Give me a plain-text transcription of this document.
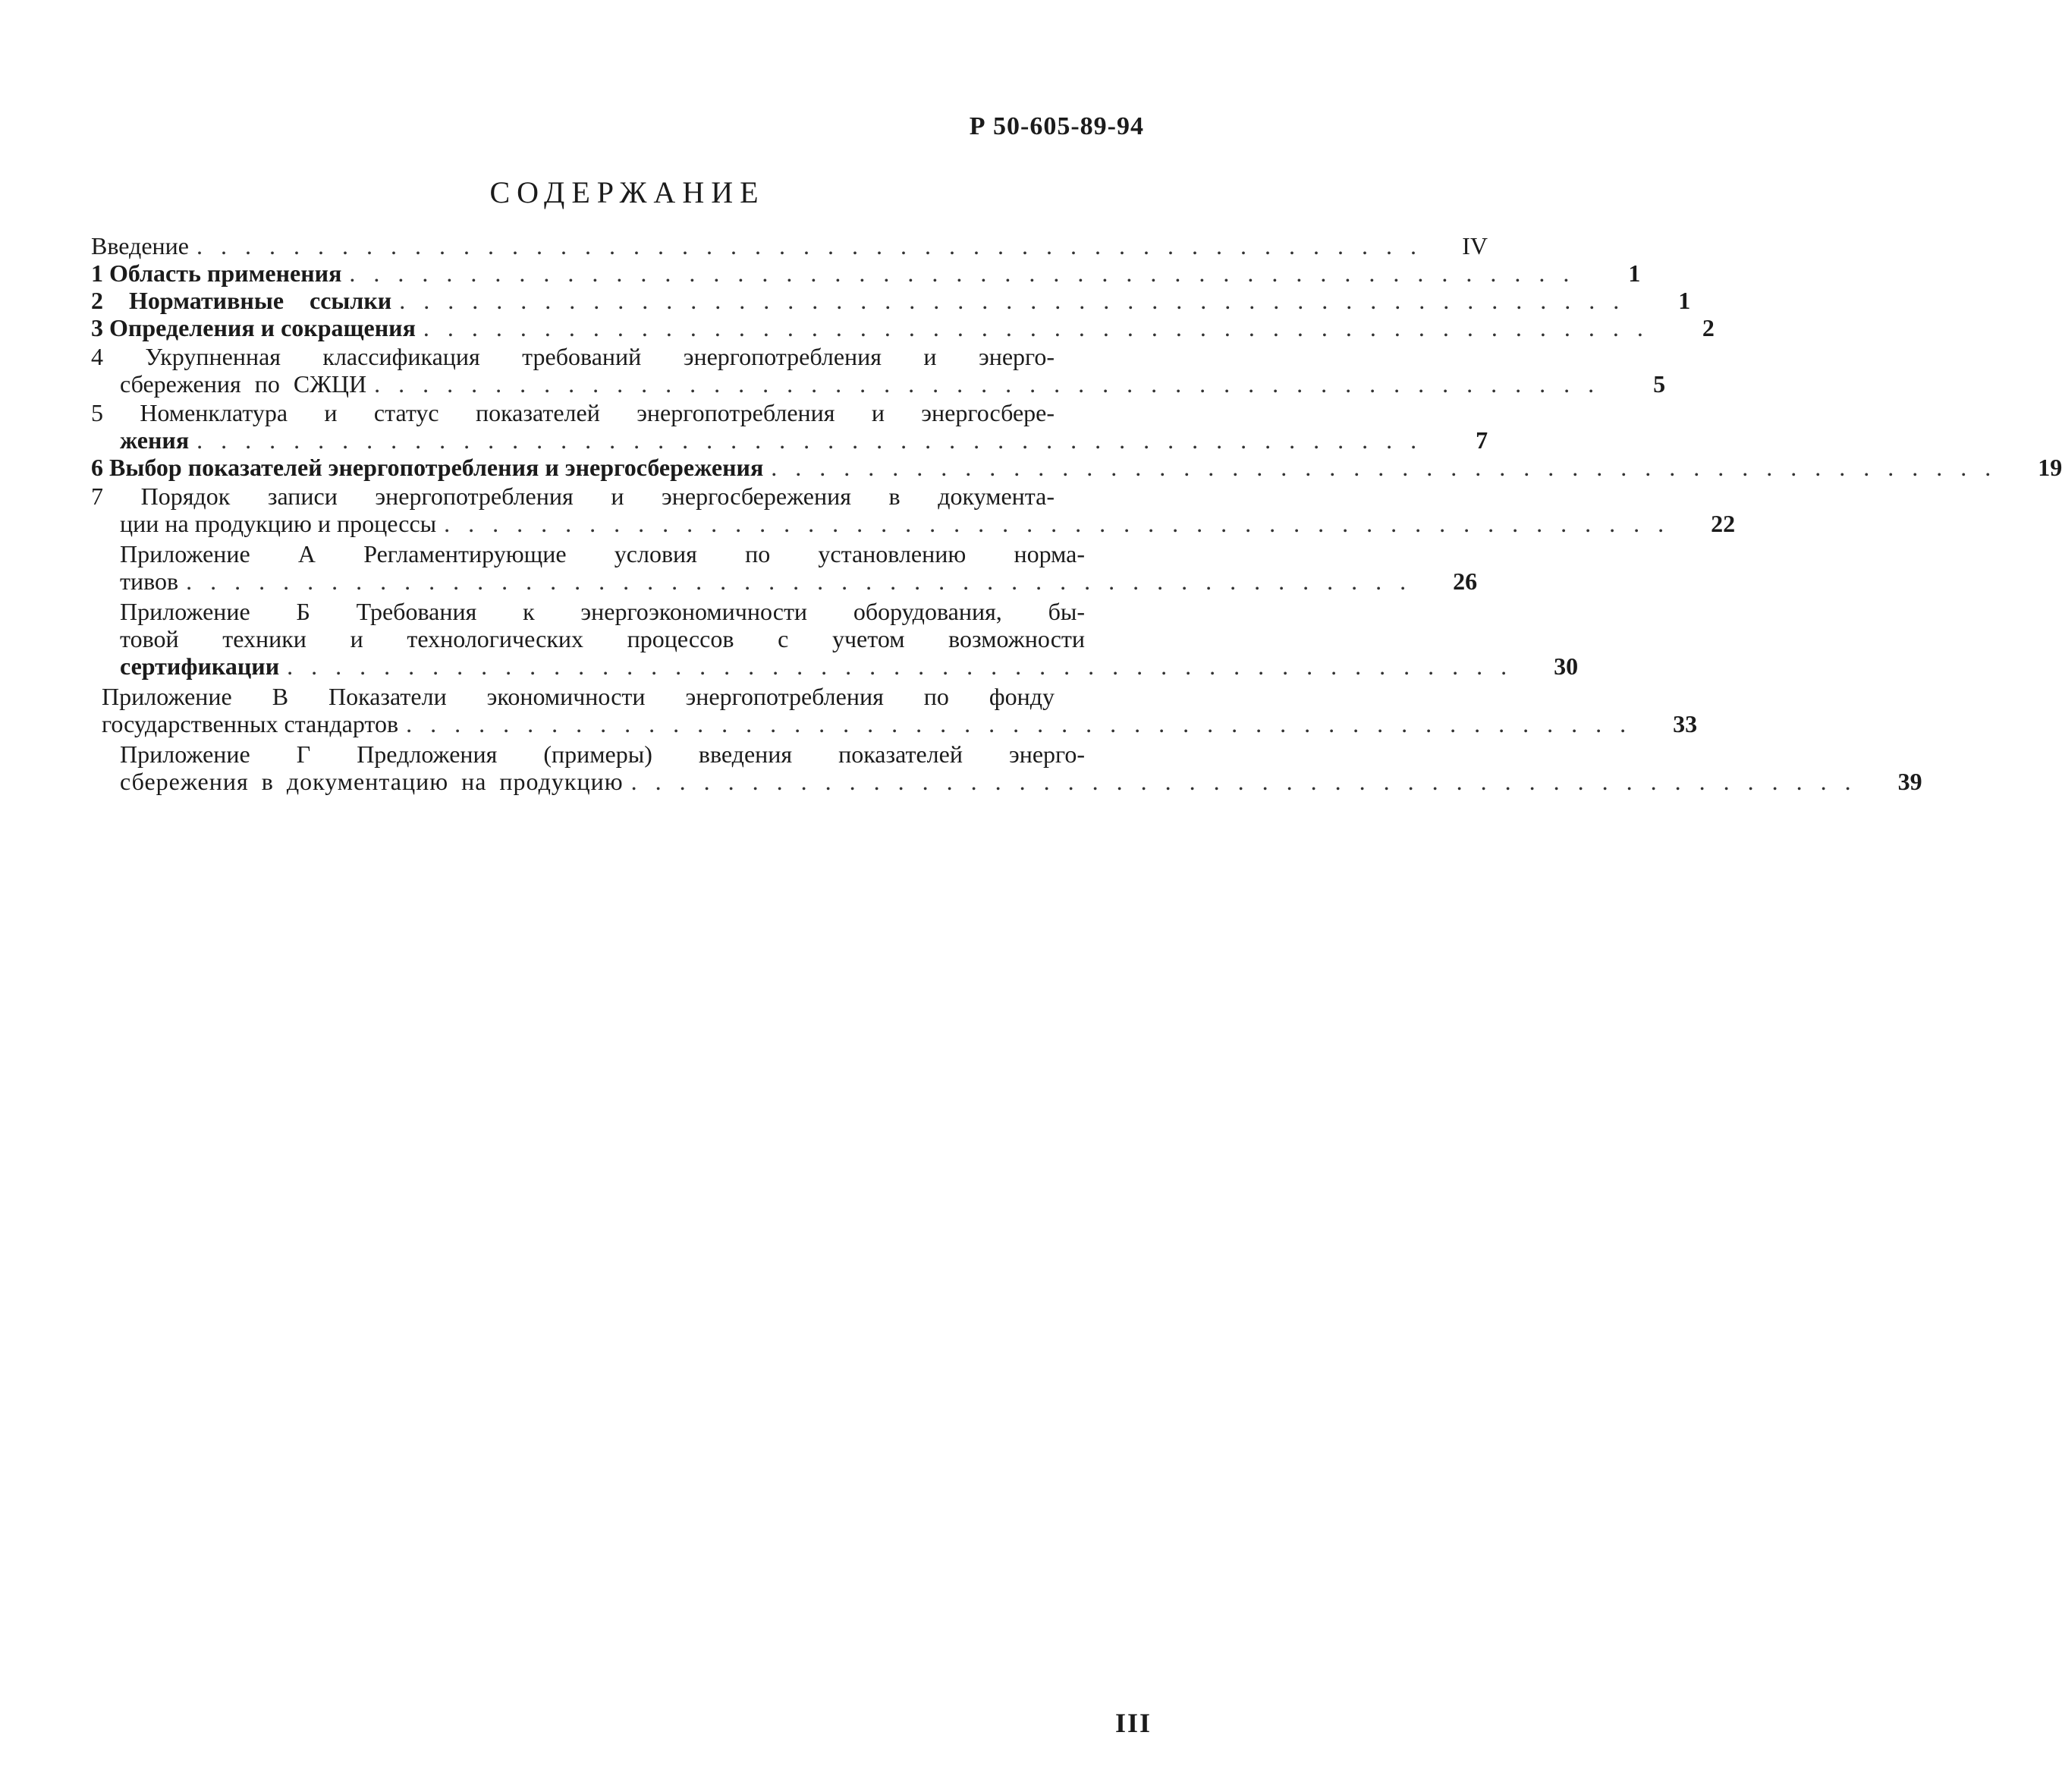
Р 50-605-89-94
СОДЕРЖАНИЕ
Введение . . . . . . . . . . . . . . . . . . . . . . . . . . . . . . . . . . . . . . . . . . . . . . . . . . .	IV
1 Область применения . . . . . . . . . . . . . . . . . . . . . . . . . . . . . . . . . . . . . . . . . . . . . . . . . . .	1
2 Нормативные ссылки . . . . . . . . . . . . . . . . . . . . . . . . . . . . . . . . . . . . . . . . . . . . . . . . . . .	1
3 Определения и сокращения . . . . . . . . . . . . . . . . . . . . . . . . . . . . . . . . . . . . . . . . . . . . . . . . . . .	2
4 Укрупненная классификация требований энергопотребления и энерго-
сбережения по СЖЦИ . . . . . . . . . . . . . . . . . . . . . . . . . . . . . . . . . . . . . . . . . . . . . . . . . . .	5
5 Номенклатура и статус показателей энергопотребления и энергосбере-
жения . . . . . . . . . . . . . . . . . . . . . . . . . . . . . . . . . . . . . . . . . . . . . . . . . . .	7
6 Выбор показателей энергопотребления и энергосбережения . . . . . . . . . . . . . . . . . . . . . . . . . . . . . . . . . . . . . . . . . . . . . . . . . . .	19
7 Порядок записи энергопотребления и энергосбережения в документа-
ции на продукцию и процессы . . . . . . . . . . . . . . . . . . . . . . . . . . . . . . . . . . . . . . . . . . . . . . . . . . .	22
Приложение А Регламентирующие условия по установлению норма-
тивов . . . . . . . . . . . . . . . . . . . . . . . . . . . . . . . . . . . . . . . . . . . . . . . . . . .	26
Приложение Б Требования к энергоэкономичности оборудования, бы-
товой техники и технологических процессов с учетом возможности
сертификации . . . . . . . . . . . . . . . . . . . . . . . . . . . . . . . . . . . . . . . . . . . . . . . . . . .	30
Приложение В Показатели экономичности энергопотребления по фонду
государственных стандартов . . . . . . . . . . . . . . . . . . . . . . . . . . . . . . . . . . . . . . . . . . . . . . . . . . .	33
Приложение Г Предложения (примеры) введения показателей энерго-
сбережения в документацию на продукцию . . . . . . . . . . . . . . . . . . . . . . . . . . . . . . . . . . . . . . . . . . . . . . . . . . .	39
III
